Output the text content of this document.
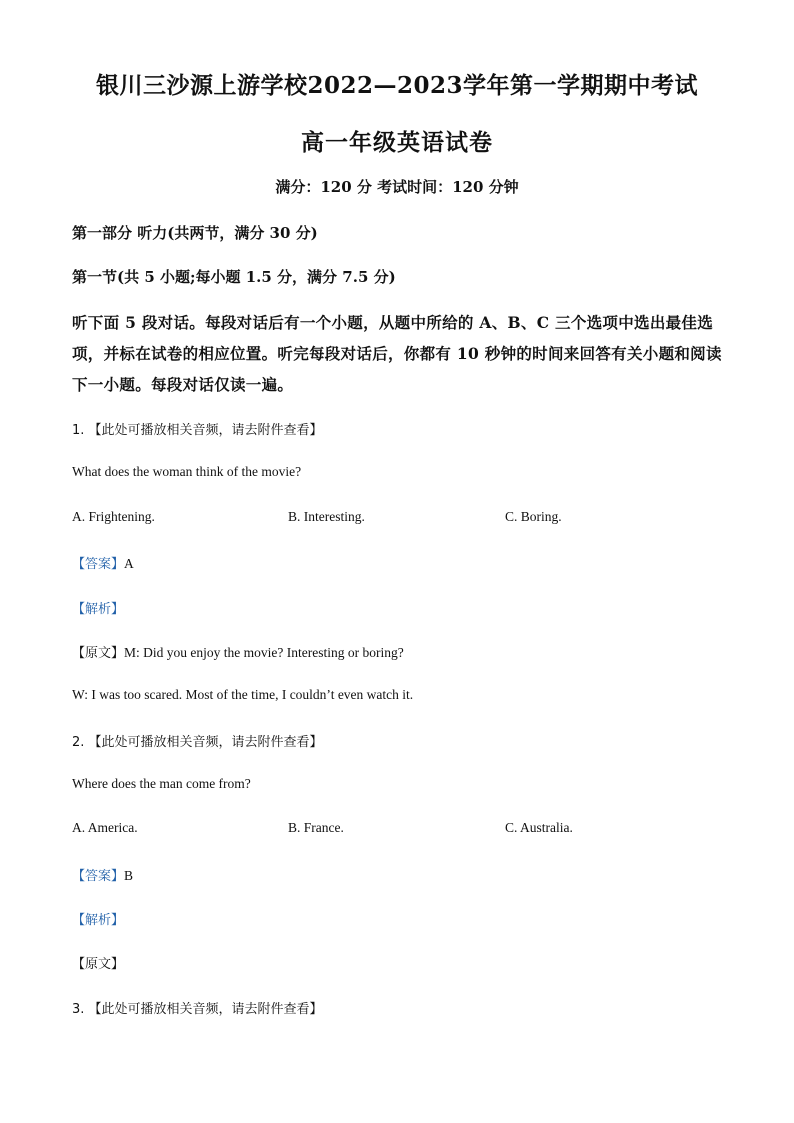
银川三沙源上游学校2022—2023学年第一学期期中考试
高一年级英语试卷
满分：120 分 考试时间：120 分钟
第一部分 听力(共两节，满分 30 分)
第一节(共 5 小题;每小题 1.5 分，满分 7.5 分)
听下面 5 段对话。每段对话后有一个小题，从题中所给的 A、B、C 三个选项中选出最佳选
项，并标在试卷的相应位置。听完每段对话后，你都有 10 秒钟的时间来回答有关小题和阅读
下一小题。每段对话仅读一遍。
1. 【此处可播放相关音频，请去附件查看】
What does the woman think of the movie?
A. Frightening.	B. Interesting.	C. Boring.
【答案】A
【解析】
【原文】M: Did you enjoy the movie? Interesting or boring?
W: I was too scared. Most of the time, I couldn’t even watch it.
2. 【此处可播放相关音频，请去附件查看】
Where does the man come from?
A. America.	B. France.	C. Australia.
【答案】B
【解析】
【原文】
3. 【此处可播放相关音频，请去附件查看】
